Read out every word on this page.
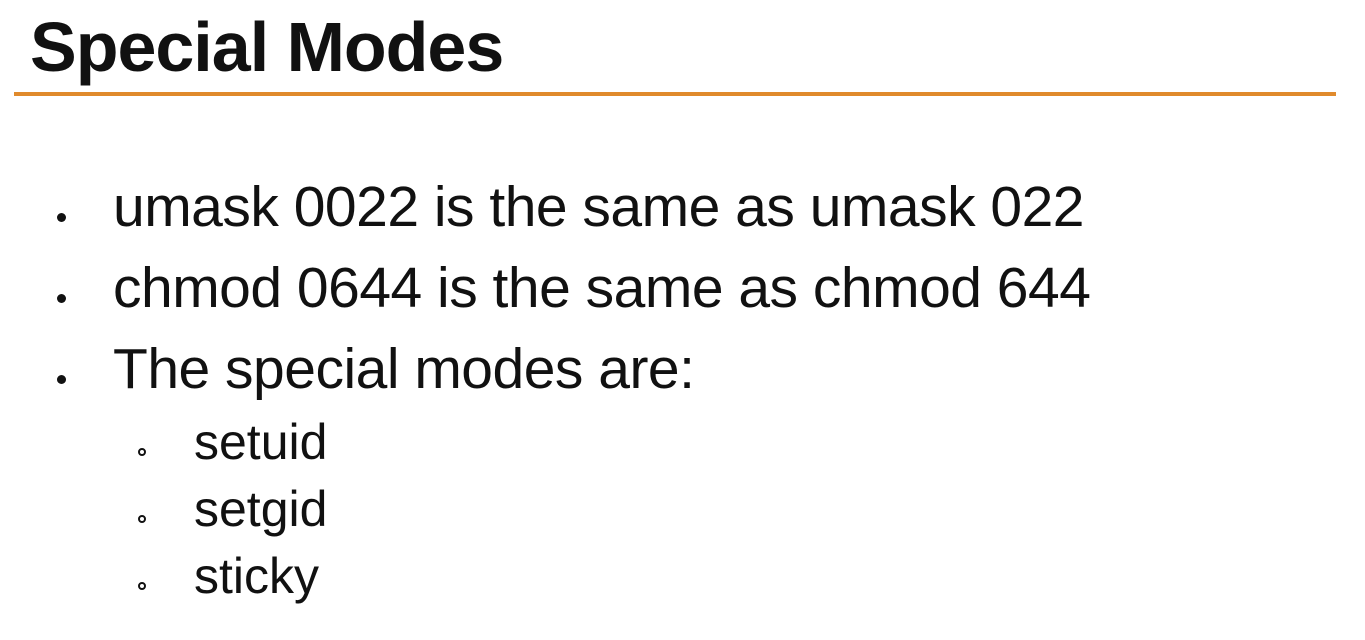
Special Modes
umask 0022 is the same as umask 022
chmod 0644 is the same as chmod 644
The special modes are:
setuid
setgid
sticky
